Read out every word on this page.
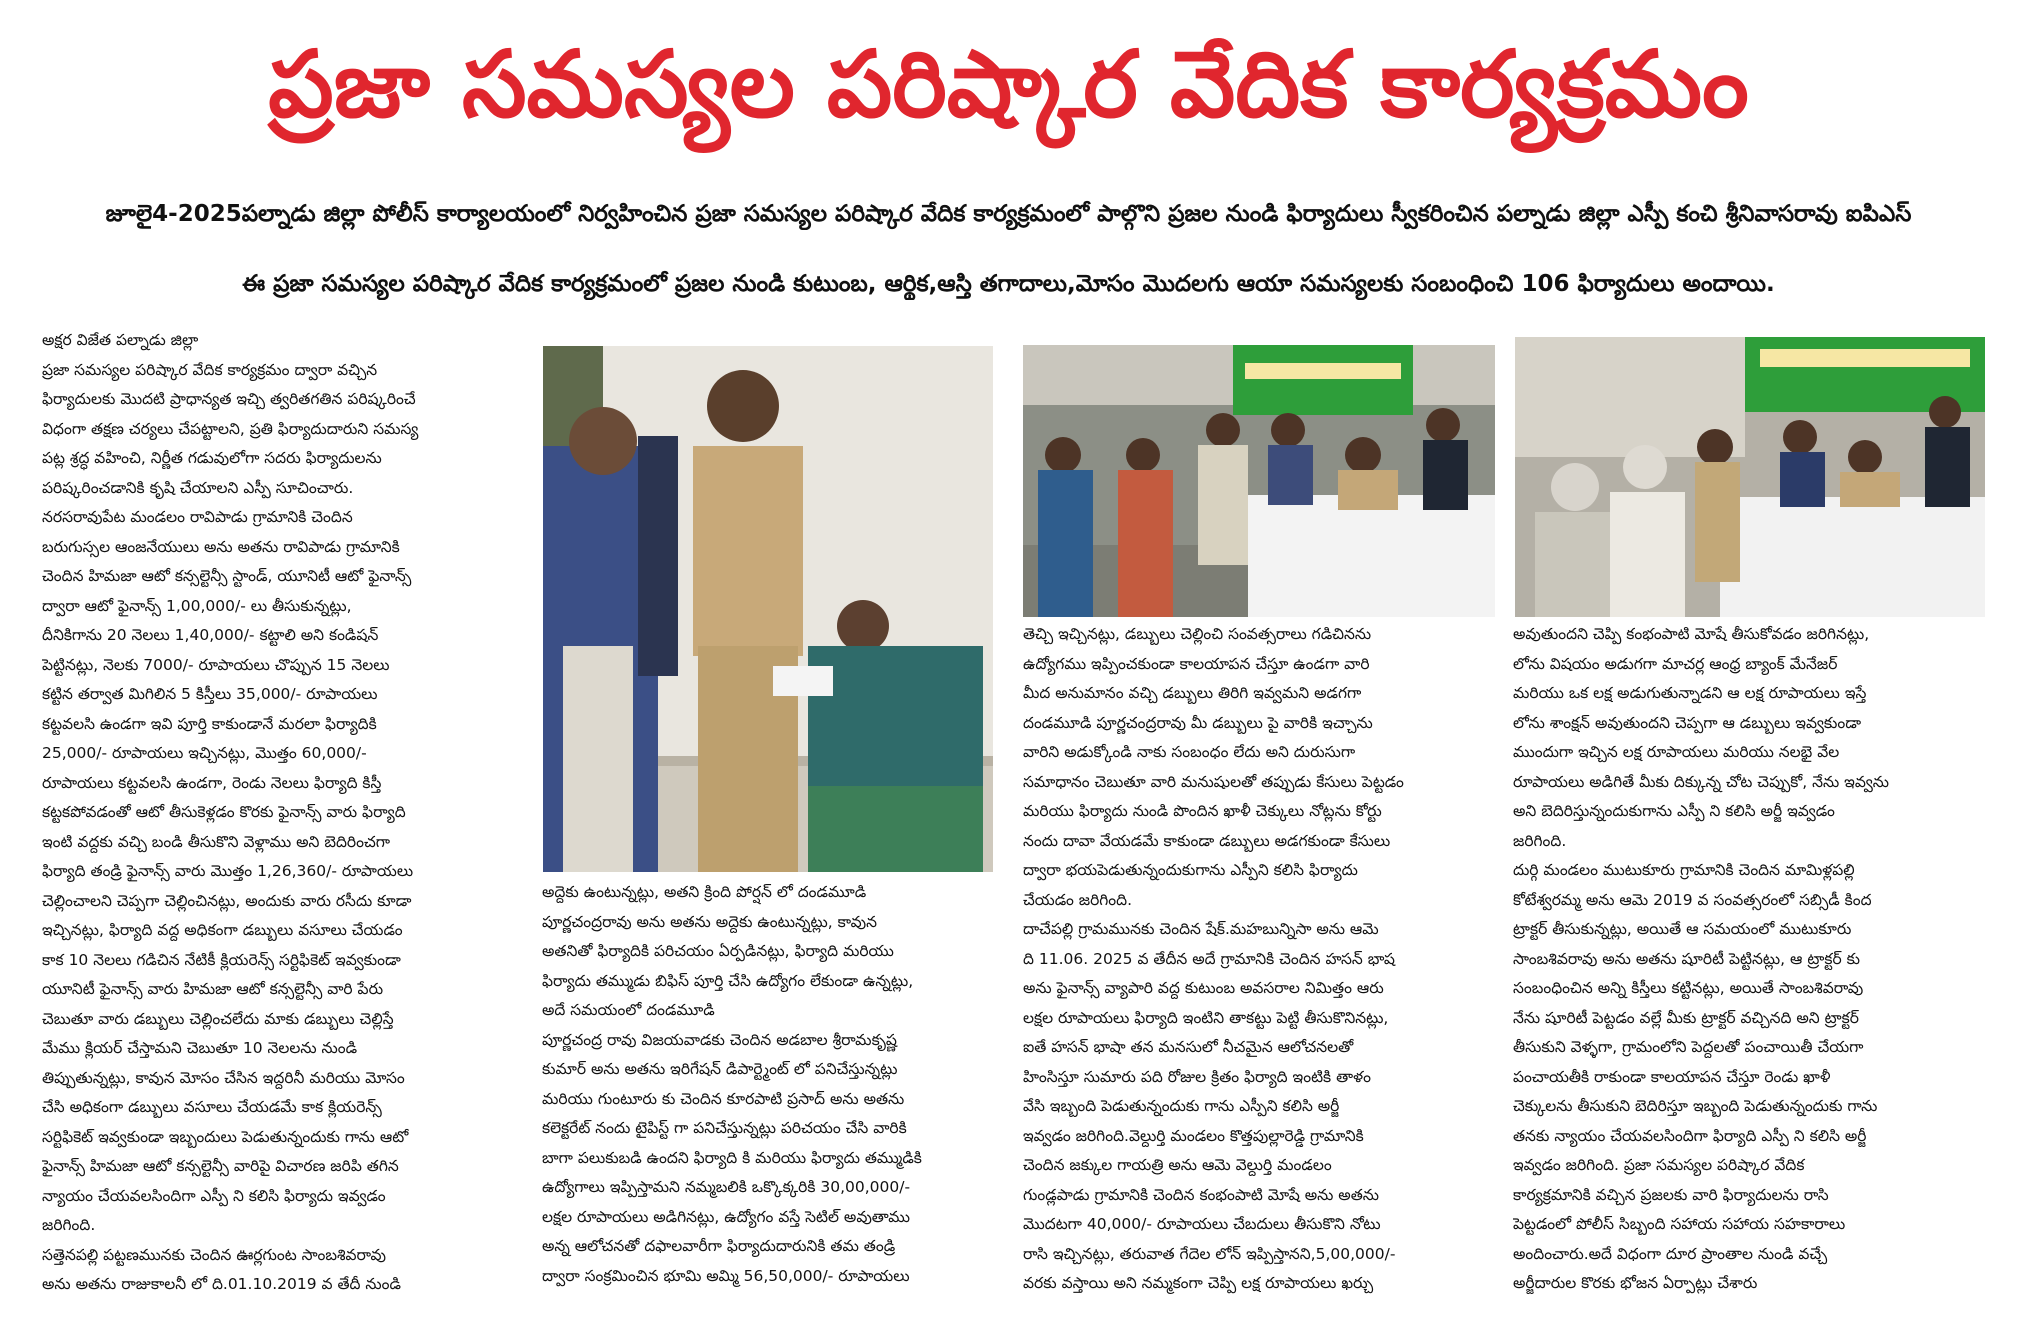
ప్రజా సమస్యల పరిష్కార వేదిక కార్యక్రమం
జూలై4-2025పల్నాడు జిల్లా పోలీస్ కార్యాలయంలో నిర్వహించిన ప్రజా సమస్యల పరిష్కార వేదిక కార్యక్రమంలో పాల్గొని ప్రజల నుండి ఫిర్యాదులు స్వీకరించిన పల్నాడు జిల్లా ఎస్పీ కంచి శ్రీనివాసరావు ఐపిఎస్
ఈ ప్రజా సమస్యల పరిష్కార వేదిక కార్యక్రమంలో ప్రజల నుండి కుటుంబ, ఆర్థిక,ఆస్తి తగాదాలు,మోసం మొదలగు ఆయా సమస్యలకు సంబంధించి 106 ఫిర్యాదులు అందాయి.
అక్షర విజేత పల్నాడు జిల్లా
ప్రజా సమస్యల పరిష్కార వేదిక కార్యక్రమం ద్వారా వచ్చిన
ఫిర్యాదులకు మొదటి ప్రాధాన్యత ఇచ్చి త్వరితగతిన పరిష్కరించే
విధంగా తక్షణ చర్యలు చేపట్టాలని, ప్రతి ఫిర్యాదుదారుని సమస్య
పట్ల శ్రద్ధ వహించి, నిర్ణీత గడువులోగా సదరు ఫిర్యాదులను
పరిష్కరించడానికి కృషి చేయాలని ఎస్పీ సూచించారు.
నరసరావుపేట మండలం రావిపాడు గ్రామానికి చెందిన
బరుగుస్సల ఆంజనేయులు అను అతను రావిపాడు గ్రామానికి
చెందిన హిమజా ఆటో కన్సల్టెన్సీ స్టాండ్, యూనిటీ ఆటో ఫైనాన్స్
ద్వారా ఆటో ఫైనాన్స్ 1,00,000/- లు తీసుకున్నట్లు,
దీనికిగాను 20 నెలలు 1,40,000/- కట్టాలి అని కండిషన్
పెట్టినట్లు, నెలకు 7000/- రూపాయలు చొప్పున 15 నెలలు
కట్టిన తర్వాత మిగిలిన 5 కిస్తీలు 35,000/- రూపాయలు
కట్టవలసి ఉండగా ఇవి పూర్తి కాకుండానే మరలా ఫిర్యాదికి
25,000/- రూపాయలు ఇచ్చినట్లు, మొత్తం 60,000/-
రూపాయలు కట్టవలసి ఉండగా, రెండు నెలలు ఫిర్యాది కిస్తీ
కట్టకపోవడంతో ఆటో తీసుకెళ్లడం కొరకు ఫైనాన్స్ వారు ఫిర్యాది
ఇంటి వద్దకు వచ్చి బండి తీసుకొని వెళ్లాము అని బెదిరించగా
ఫిర్యాది తండ్రి ఫైనాన్స్ వారు మొత్తం 1,26,360/- రూపాయలు
చెల్లించాలని చెప్పగా చెల్లించినట్లు, అందుకు వారు రసీదు కూడా
ఇచ్చినట్లు, ఫిర్యాది వద్ద అధికంగా డబ్బులు వసూలు చేయడం
కాక 10 నెలలు గడిచిన నేటికీ క్లియరెన్స్ సర్టిఫికెట్ ఇవ్వకుండా
యూనిటీ ఫైనాన్స్ వారు హిమజా ఆటో కన్సల్టెన్సీ వారి పేరు
చెబుతూ వారు డబ్బులు చెల్లించలేదు మాకు డబ్బులు చెల్లిస్తే
మేము క్లియర్ చేస్తామని చెబుతూ 10 నెలలను నుండి
తిప్పుతున్నట్లు, కావున మోసం చేసిన ఇద్దరినీ మరియు మోసం
చేసి అధికంగా డబ్బులు వసూలు చేయడమే కాక క్లియరెన్స్
సర్టిఫికెట్ ఇవ్వకుండా ఇబ్బందులు పెడుతున్నందుకు గాను ఆటో
ఫైనాన్స్ హిమజా ఆటో కన్సల్టెన్సీ వారిపై విచారణ జరిపి తగిన
న్యాయం చేయవలసిందిగా ఎస్పీ ని కలిసి ఫిర్యాదు ఇవ్వడం
జరిగింది.
సత్తెనపల్లి పట్టణమునకు చెందిన ఊర్లగుంట సాంబశివరావు
అను అతను రాజుకాలనీ లో ది.01.10.2019 వ తేదీ నుండి
అద్దెకు ఉంటున్నట్లు, అతని క్రింది పోర్షన్ లో దండమూడి
పూర్ణచంద్రరావు అను అతను అద్దెకు ఉంటున్నట్లు, కావున
అతనితో ఫిర్యాదికి పరిచయం ఏర్పడినట్లు, ఫిర్యాది మరియు
ఫిర్యాదు తమ్ముడు బిఫిస్ పూర్తి చేసి ఉద్యోగం లేకుండా ఉన్నట్లు,
అదే సమయంలో దండమూడి
పూర్ణచంద్ర రావు విజయవాడకు చెందిన అడబాల శ్రీరామకృష్ణ
కుమార్ అను అతను ఇరిగేషన్ డిపార్ట్మెంట్ లో పనిచేస్తున్నట్లు
మరియు గుంటూరు కు చెందిన కూరపాటి ప్రసాద్ అను అతను
కలెక్టరేట్ నందు టైపిస్ట్ గా పనిచేస్తున్నట్లు పరిచయం చేసి వారికి
బాగా పలుకుబడి ఉందని ఫిర్యాది కి మరియు ఫిర్యాదు తమ్ముడికి
ఉద్యోగాలు ఇప్పిస్తామని నమ్మబలికి ఒక్కొక్కరికి 30,00,000/-
లక్షల రూపాయలు అడిగినట్లు, ఉద్యోగం వస్తే సెటిల్ అవుతాము
అన్న ఆలోచనతో దఫాలవారీగా ఫిర్యాదుదారునికి తమ తండ్రి
ద్వారా సంక్రమించిన భూమి అమ్మి 56,50,000/- రూపాయలు
తెచ్చి ఇచ్చినట్లు, డబ్బులు చెల్లించి సంవత్సరాలు గడిచినను
ఉద్యోగము ఇప్పించకుండా కాలయాపన చేస్తూ ఉండగా వారి
మీద అనుమానం వచ్చి డబ్బులు తిరిగి ఇవ్వమని అడగగా
దండమూడి పూర్ణచంద్రరావు మీ డబ్బులు పై వారికి ఇచ్చాను
వారిని అడుక్కోండి నాకు సంబంధం లేదు అని దురుసుగా
సమాధానం చెబుతూ వారి మనుషులతో తప్పుడు కేసులు పెట్టడం
మరియు ఫిర్యాదు నుండి పొందిన ఖాళీ చెక్కులు నోట్లను కోర్టు
నందు దావా వేయడమే కాకుండా డబ్బులు అడగకుండా కేసులు
ద్వారా భయపెడుతున్నందుకుగాను ఎస్పీని కలిసి ఫిర్యాదు
చేయడం జరిగింది.
దాచేపల్లి గ్రామమునకు చెందిన షేక్.మహబున్నిసా అను ఆమె
ది 11.06. 2025 వ తేదీన అదే గ్రామానికి చెందిన హసన్ భాష
అను ఫైనాన్స్ వ్యాపారి వద్ద కుటుంబ అవసరాల నిమిత్తం ఆరు
లక్షల రూపాయలు ఫిర్యాది ఇంటిని తాకట్టు పెట్టి తీసుకొనినట్లు,
ఐతే హసన్ భాషా తన మనసులో నీచమైన ఆలోచనలతో
హింసిస్తూ సుమారు పది రోజుల క్రితం ఫిర్యాది ఇంటికి తాళం
వేసి ఇబ్బంది పెడుతున్నందుకు గాను ఎస్పీని కలిసి అర్జీ
ఇవ్వడం జరిగింది.వెల్దుర్తి మండలం కొత్తపుల్లారెడ్డి గ్రామానికి
చెందిన జక్కుల గాయత్రి అను ఆమె వెల్దుర్తి మండలం
గుండ్లపాడు గ్రామానికి చెందిన కంభంపాటి మోషే అను అతను
మొదటగా 40,000/- రూపాయలు చేబదులు తీసుకొని నోటు
రాసి ఇచ్చినట్లు, తరువాత గేదెల లోన్ ఇప్పిస్తానని,5,00,000/-
వరకు వస్తాయి అని నమ్మకంగా చెప్పి లక్ష రూపాయలు ఖర్చు
అవుతుందని చెప్పి కంభంపాటి మోషే తీసుకోవడం జరిగినట్లు,
లోను విషయం అడుగగా మాచర్ల ఆంధ్ర బ్యాంక్ మేనేజర్
మరియు ఒక లక్ష అడుగుతున్నాడని ఆ లక్ష రూపాయలు ఇస్తే
లోను శాంక్షన్ అవుతుందని చెప్పగా ఆ డబ్బులు ఇవ్వకుండా
ముందుగా ఇచ్చిన లక్ష రూపాయలు మరియు నలభై వేల
రూపాయలు అడిగితే మీకు దిక్కున్న చోట చెప్పుకో, నేను ఇవ్వను
అని బెదిరిస్తున్నందుకుగాను ఎస్పీ ని కలిసి అర్జీ ఇవ్వడం
జరిగింది.
దుర్గి మండలం ముటుకూరు గ్రామానికి చెందిన మామిళ్లపల్లి
కోటేశ్వరమ్మ అను ఆమె 2019 వ సంవత్సరంలో సబ్సిడీ కింద
ట్రాక్టర్ తీసుకున్నట్లు, అయితే ఆ సమయంలో ముటుకూరు
సాంబశివరావు అను అతను షూరిటీ పెట్టినట్లు, ఆ ట్రాక్టర్ కు
సంబంధించిన అన్ని కిస్తీలు కట్టినట్లు, అయితే సాంబశివరావు
నేను షూరిటీ పెట్టడం వల్లే మీకు ట్రాక్టర్ వచ్చినది అని ట్రాక్టర్
తీసుకుని వెళ్ళగా, గ్రామంలోని పెద్దలతో పంచాయితీ చేయగా
పంచాయతీకి రాకుండా కాలయాపన చేస్తూ రెండు ఖాళీ
చెక్కులను తీసుకుని బెదిరిస్తూ ఇబ్బంది పెడుతున్నందుకు గాను
తనకు న్యాయం చేయవలసిందిగా ఫిర్యాది ఎస్పీ ని కలిసి అర్జీ
ఇవ్వడం జరిగింది. ప్రజా సమస్యల పరిష్కార వేదిక
కార్యక్రమానికి వచ్చిన ప్రజలకు వారి ఫిర్యాదులను రాసి
పెట్టడంలో పోలీస్ సిబ్బంది సహాయ సహాయ సహకారాలు
అందించారు.అదే విధంగా దూర ప్రాంతాల నుండి వచ్చే
అర్జీదారుల కొరకు భోజన ఏర్పాట్లు చేశారు
